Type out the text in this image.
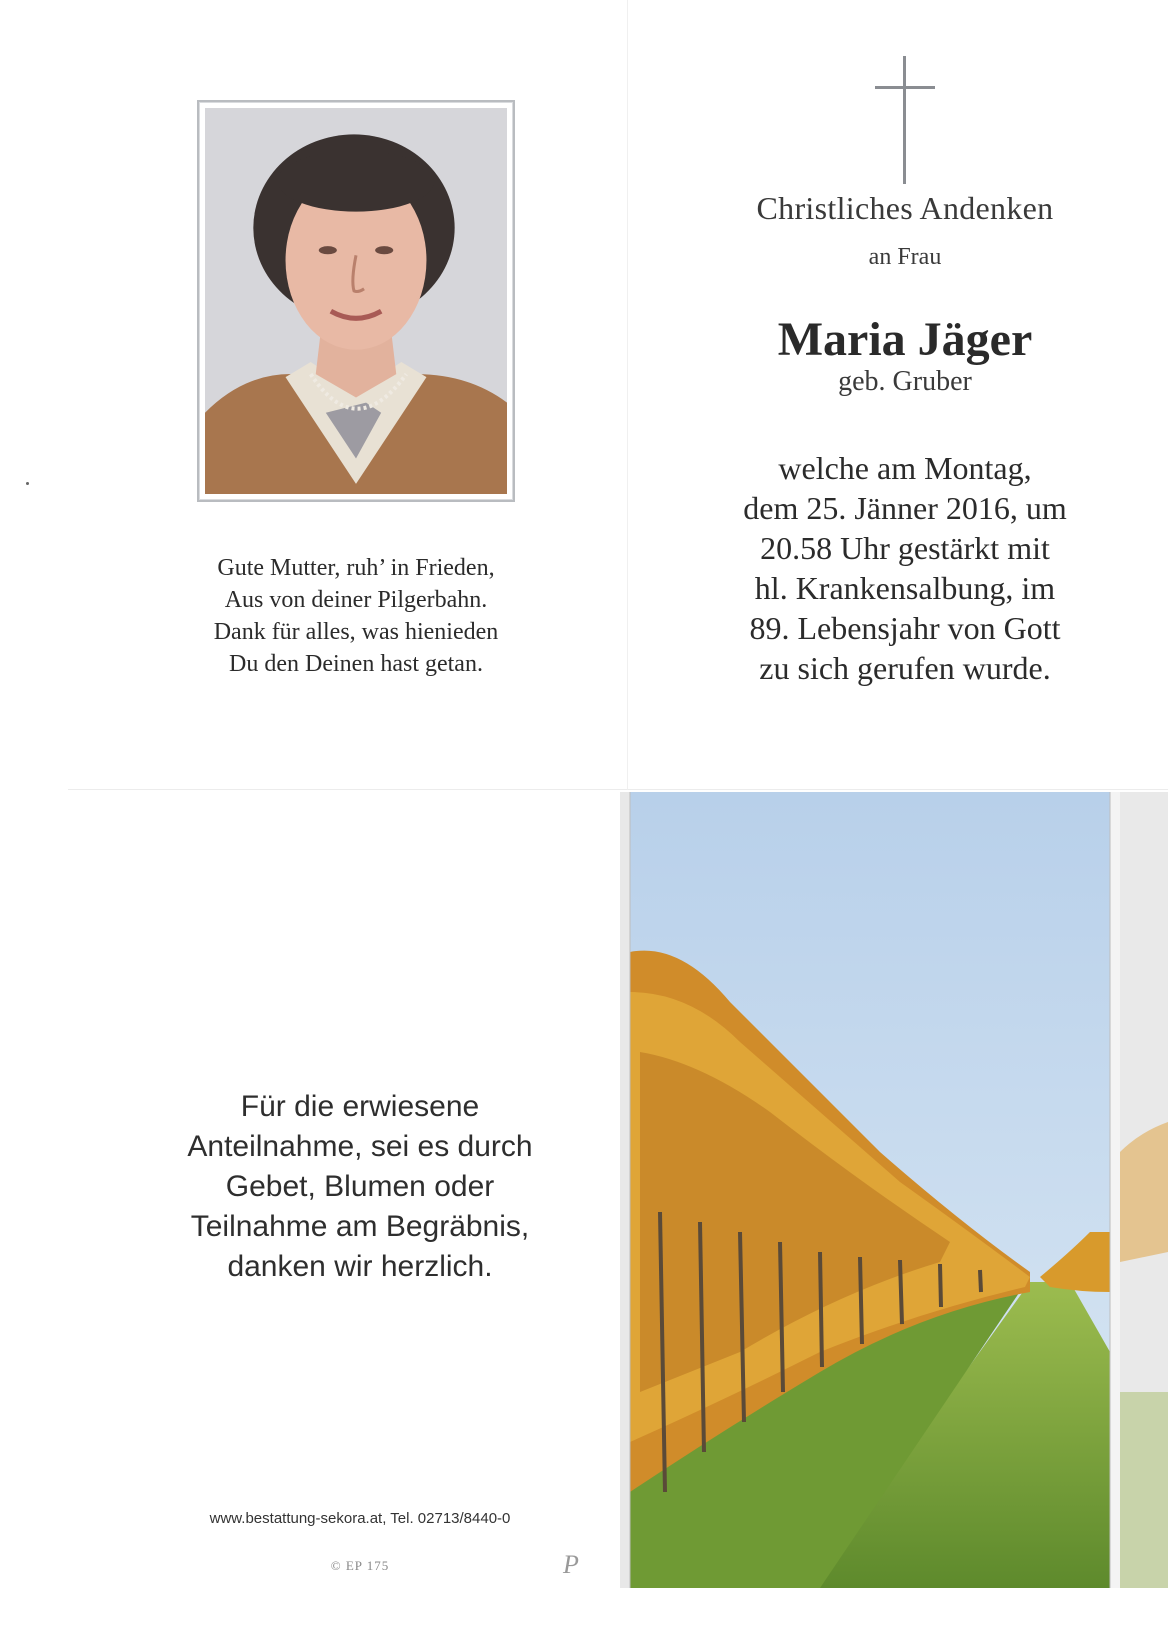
Gute Mutter, ruh’ in Frieden,
Aus von deiner Pilgerbahn.
Dank für alles, was hienieden
Du den Deinen hast getan.
Christliches Andenken
an Frau
Maria Jäger
geb. Gruber
welche am Montag,
dem 25. Jänner 2016, um
20.58 Uhr gestärkt mit
hl. Krankensalbung, im
89. Lebensjahr von Gott
zu sich gerufen wurde.
Für die erwiesene
Anteilnahme, sei es durch
Gebet, Blumen oder
Teilnahme am Begräbnis,
danken wir herzlich.
www.bestattung-sekora.at, Tel. 02713/8440-0
© EP 175	P
